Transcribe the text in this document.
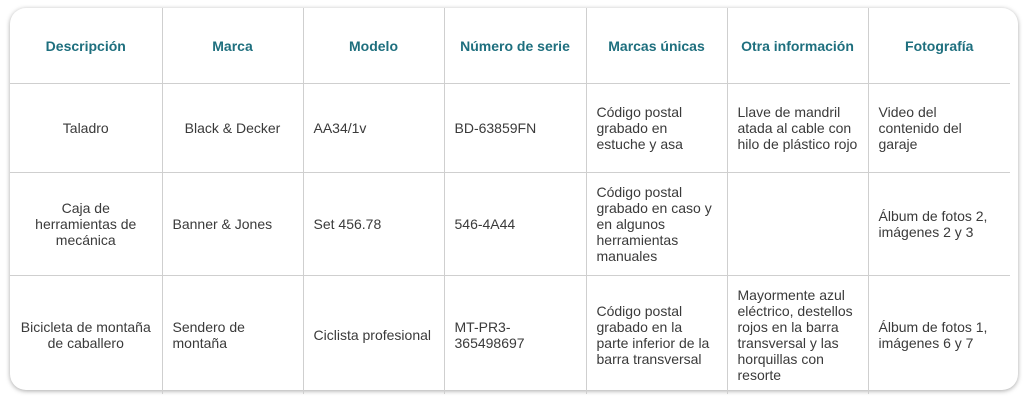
Descripción	Marca	Modelo	Número de serie	Marcas únicas	Otra información	Fotografía
Taladro	Black & Decker	AA34/1v	BD-63859FN	Código postal grabado en estuche y asa	Llave de mandril atada al cable con hilo de plástico rojo	Video del contenido del garaje
Caja de herramientas de mecánica	Banner & Jones	Set 456.78	546-4A44	Código postal grabado en caso y en algunos herramientas manuales		Álbum de fotos 2, imágenes 2 y 3
Bicicleta de montaña de caballero	Sendero de montaña	Ciclista profesional	MT-PR3-365498697	Código postal grabado en la parte inferior de la barra transversal	Mayormente azul eléctrico, destellos rojos en la barra transversal y las horquillas con resorte	Álbum de fotos 1, imágenes 6 y 7
